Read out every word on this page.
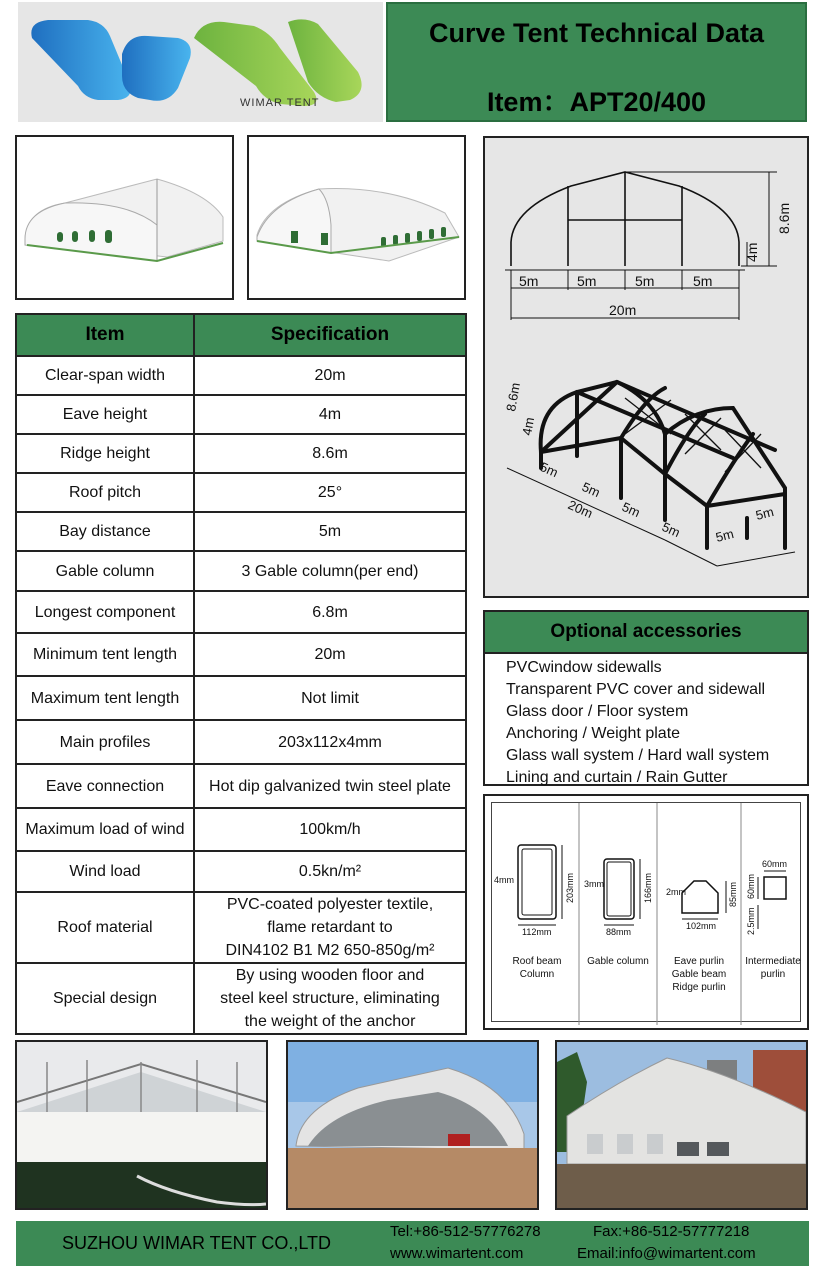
WIMAR TENT
Curve Tent Technical Data
Item：APT20/400
Item	Specification
Clear-span width	20m
Eave height	4m
Ridge height	8.6m
Roof pitch	25°
Bay distance	5m
Gable column	3 Gable column(per end)
Longest component	6.8m
Minimum tent length	20m
Maximum tent length	Not limit
Main profiles	203x112x4mm
Eave connection	Hot dip galvanized twin steel plate
Maximum load of wind	100km/h
Wind load	0.5kn/m²
Roof material	PVC-coated polyester textile,
flame retardant to
DIN4102 B1 M2 650-850g/m²

Special design	By using wooden floor and
steel keel structure, eliminating
the weight of the anchor
5m	5m	5m	5m
20m
4m
8.6m
8.6m
4m
5m
5m
5m
5m
20m
5m
5m
Optional accessories
PVCwindow sidewalls
Transparent PVC cover and sidewall
Glass door / Floor system
Anchoring / Weight plate
Glass wall system / Hard wall system
Lining and curtain / Rain Gutter
4mm	203mm
112mm
3mm	166mm
88mm
2mm	85mm
102mm
60mm
60mm
2.5mm
Roof beam
Column
Gable column	Eave purlin
Gable beam
Ridge purlin
Intermediate
purlin
SUZHOU WIMAR TENT CO.,LTD
Tel:+86-512-57776278	Fax:+86-512-57777218
www.wimartent.com	Email:info@wimartent.com
